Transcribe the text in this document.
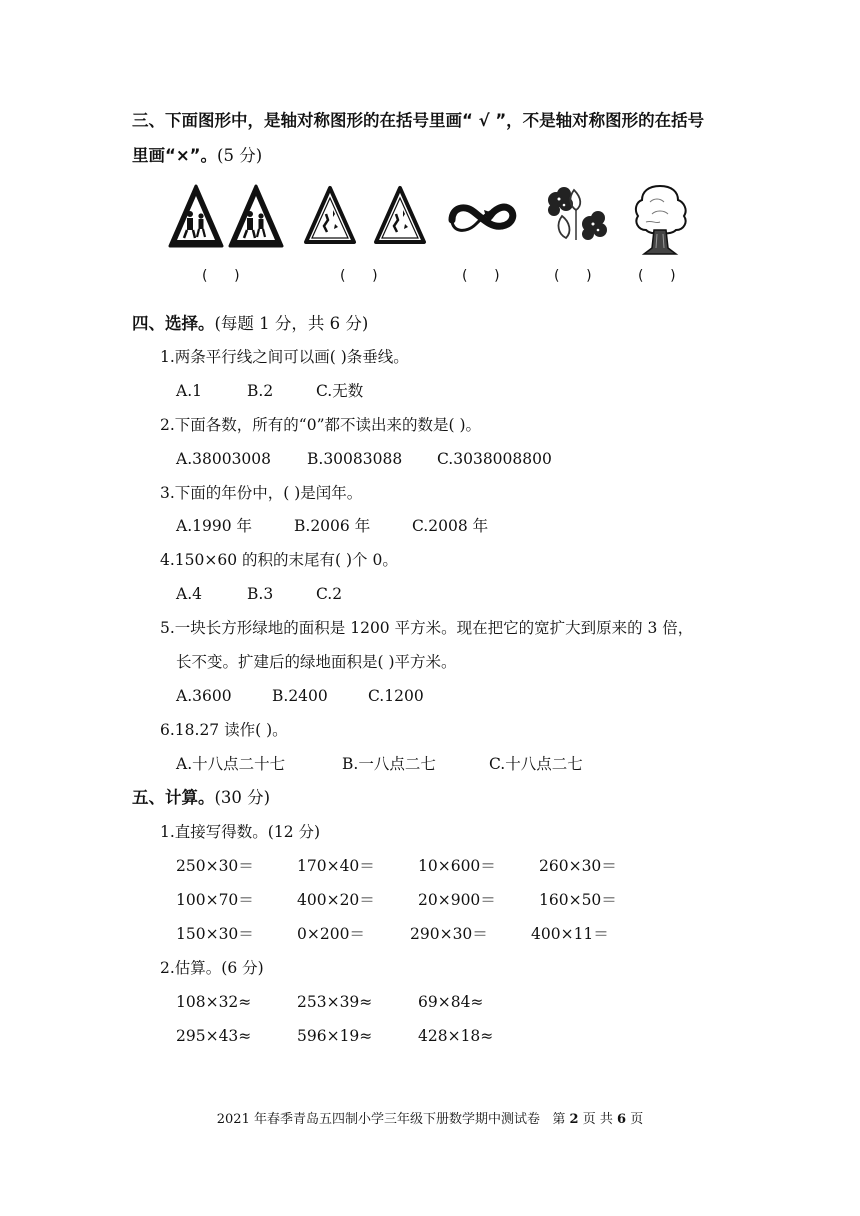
三、下面图形中，是轴对称图形的在括号里画“ √ ”，不是轴对称图形的在括号
里画“×”。(5 分)
(      )	(      )	(      )	(      )	(      )
四、选择。(每题 1 分，共 6 分)
1.两条平行线之间可以画( )条垂线。
A.1	B.2	C.无数
2.下面各数，所有的“0”都不读出来的数是( )。
A.38003008 B.30083088 C.3038008800
3.下面的年份中，( )是闰年。
A.1990 年	B.2006 年	C.2008 年
4.150×60 的积的末尾有( )个 0。
A.4	B.3	C.2
5.一块长方形绿地的面积是 1200 平方米。现在把它的宽扩大到原来的 3 倍，
长不变。扩建后的绿地面积是( )平方米。
A.3600	B.2400	C.1200
6.18.27 读作( )。
A.十八点二十七	B.一八点二七	C.十八点二七
五、计算。(30 分)
1.直接写得数。(12 分)
250×30＝	170×40＝	10×600＝	260×30＝
100×70＝	400×20＝	20×900＝	160×50＝
150×30＝	0×200＝	290×30＝	400×11＝
2.估算。(6 分)
108×32≈	253×39≈	69×84≈
295×43≈	596×19≈	428×18≈
2021 年春季青岛五四制小学三年级下册数学期中测试卷 第 2 页 共 6 页
